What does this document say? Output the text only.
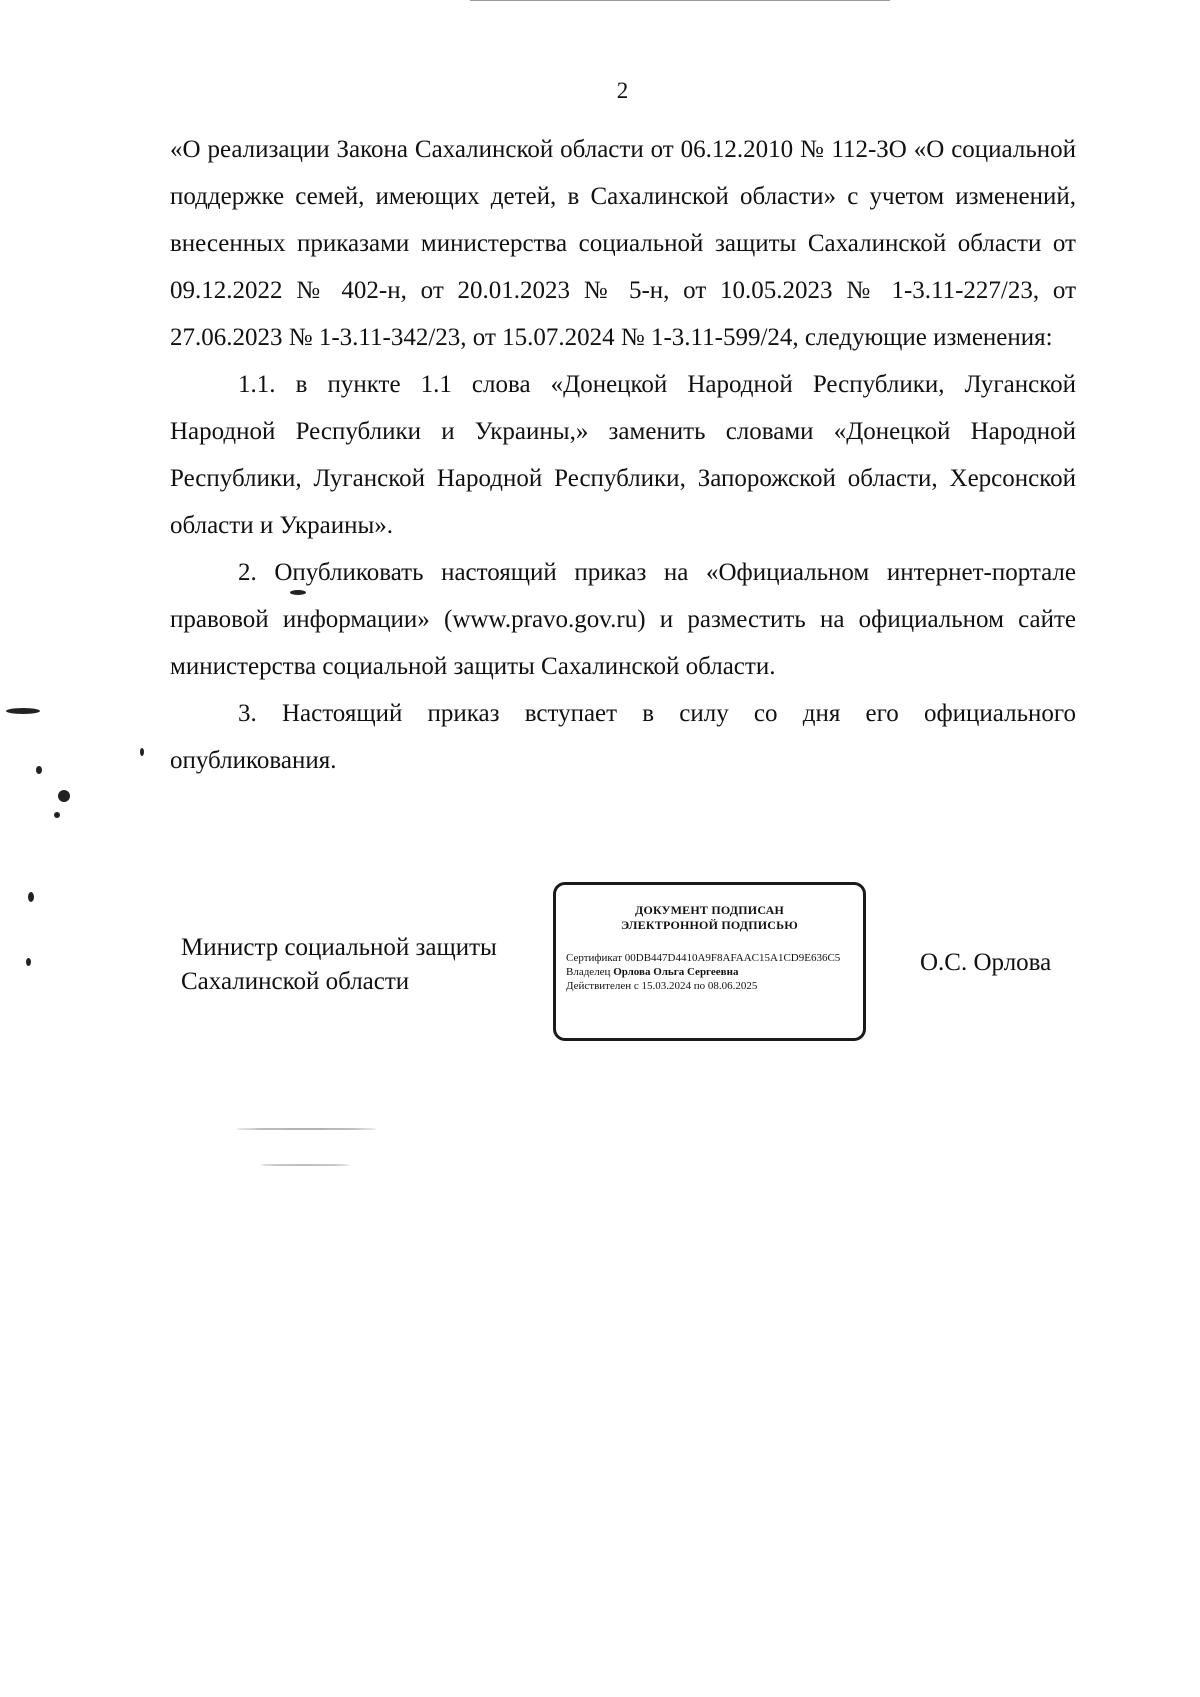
2

«О реализации Закона Сахалинской области от 06.12.2010 № 112-ЗО «О социальной поддержке семей, имеющих детей, в Сахалинской области» с учетом изменений, внесенных приказами министерства социальной защиты Сахалинской области от 09.12.2022 № 402-н, от 20.01.2023 № 5-н, от 10.05.2023 № 1-3.11-227/23, от 27.06.2023 № 1-3.11-342/23, от 15.07.2024 № 1-3.11-599/24, следующие изменения:

1.1. в пункте 1.1 слова «Донецкой Народной Республики, Луганской Народной Республики и Украины,» заменить словами «Донецкой Народной Республики, Луганской Народной Республики, Запорожской области, Херсонской области и Украины».

2. Опубликовать настоящий приказ на «Официальном интернет-портале правовой информации» (www.pravo.gov.ru) и разместить на официальном сайте министерства социальной защиты Сахалинской области.

3. Настоящий приказ вступает в силу со дня его официального опубликования.

Министр социальной защиты
Сахалинской области
ДОКУМЕНТ ПОДПИСАН
ЭЛЕКТРОННОЙ ПОДПИСЬЮ
Сертификат 00DB447D4410A9F8AFAAC15A1CD9E636C5
Владелец Орлова Ольга Сергеевна
Действителен с 15.03.2024 по 08.06.2025
О.С. Орлова
